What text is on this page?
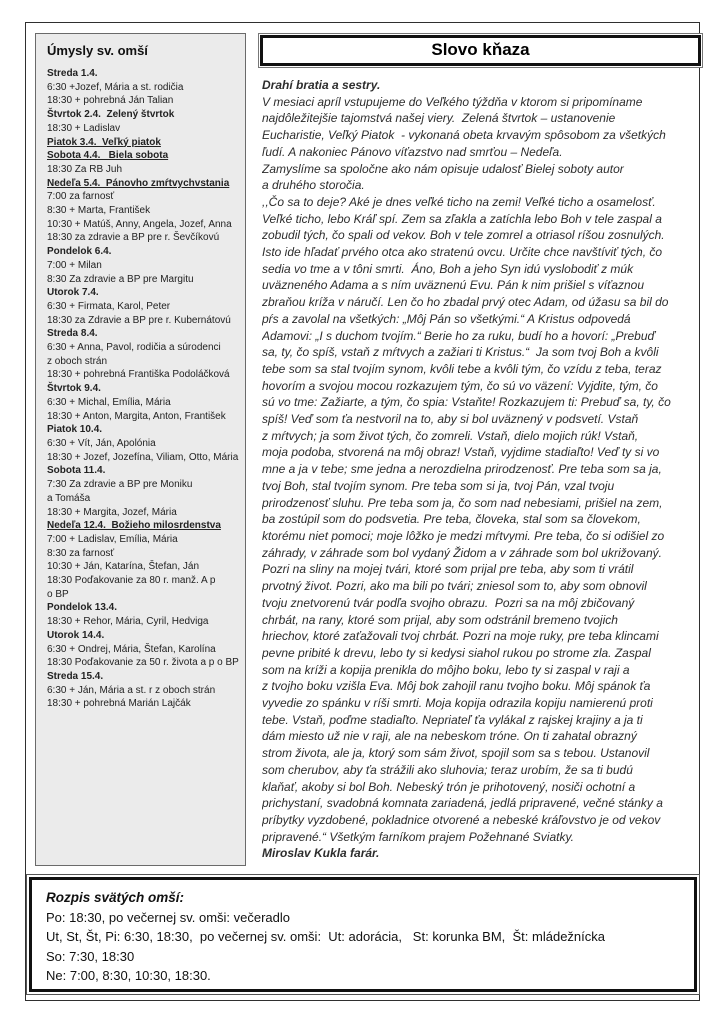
Úmysly sv. omší
Streda 1.4.
6:30 +Jozef, Mária a st. rodičia
18:30 + pohrebná Ján Talian
Štvrtok 2.4.  Zelený štvrtok
18:30 + Ladislav
Piatok 3.4.  Veľký piatok
Sobota 4.4.   Biela sobota
18:30 Za RB Juh
Nedeľa 5.4.  Pánovho zmŕtvychvstania
7:00 za farnosť
8:30 + Marta, František
10:30 + Matúš, Anny, Angela, Jozef, Anna
18:30 za zdravie a BP pre r. Ševčíkovú
Pondelok 6.4.
7:00 + Milan
8:30 Za zdravie a BP pre Margitu
Utorok 7.4.
6:30 + Firmata, Karol, Peter
18:30 za Zdravie a BP pre r. Kubernátovú
Streda 8.4.
6:30 + Anna, Pavol, rodičia a súrodenci
z oboch strán
18:30 + pohrebná Františka Podoláčková
Štvrtok 9.4.
6:30 + Michal, Emília, Mária
18:30 + Anton, Margita, Anton, František
Piatok 10.4.
6:30 + Vít, Ján, Apolónia
18:30 + Jozef, Jozefína, Viliam, Otto, Mária
Sobota 11.4.
7:30 Za zdravie a BP pre Moniku
a Tomáša
18:30 + Margita, Jozef, Mária
Nedeľa 12.4.  Božieho milosrdenstva
7:00 + Ladislav, Emília, Mária
8:30 za farnosť
10:30 + Ján, Katarína, Štefan, Ján
18:30 Poďakovanie za 80 r. manž. A p
o BP
Pondelok 13.4.
18:30 + Rehor, Mária, Cyril, Hedviga
Utorok 14.4.
6:30 + Ondrej, Mária, Štefan, Karolína
18:30 Poďakovanie za 50 r. života a p o BP
Streda 15.4.
6:30 + Ján, Mária a st. r z oboch strán
18:30 + pohrebná Marián Lajčák
Slovo kňaza
Drahí bratia a sestry.
V mesiaci apríl vstupujeme do Veľkého týždňa v ktorom si pripomíname
najdôležitejšie tajomstvá našej viery.  Zelená štvrtok – ustanovenie
Eucharistie, Veľký Piatok  - vykonaná obeta krvavým spôsobom za všetkých
ľudí. A nakoniec Pánovo víťazstvo nad smrťou – Nedeľa.
Zamyslíme sa spoločne ako nám opisuje udalosť Bielej soboty autor
a druhého storočia.
,,Čo sa to deje? Aké je dnes veľké ticho na zemi! Veľké ticho a osamelosť.
Veľké ticho, lebo Kráľ spí. Zem sa zľakla a zatíchla lebo Boh v tele zaspal a
zobudil tých, čo spali od vekov. Boh v tele zomrel a otriasol ríšou zosnulých.
Isto ide hľadať prvého otca ako stratenú ovcu. Určite chce navštíviť tých, čo
sedia vo tme a v tôni smrti.  Áno, Boh a jeho Syn idú vyslobodiť z múk
uväzneného Adama a s ním uväznenú Evu. Pán k nim prišiel s víťaznou
zbraňou kríža v náručí. Len čo ho zbadal prvý otec Adam, od úžasu sa bil do
pŕs a zavolal na všetkých: „Môj Pán so všetkými.“ A Kristus odpovedá
Adamovi: „I s duchom tvojím.“ Berie ho za ruku, budí ho a hovorí: „Prebuď
sa, ty, čo spíš, vstaň z mŕtvych a zažiari ti Kristus.“  Ja som tvoj Boh a kvôli
tebe som sa stal tvojím synom, kvôli tebe a kvôli tým, čo vzídu z teba, teraz
hovorím a svojou mocou rozkazujem tým, čo sú vo väzení: Vyjdite, tým, čo
sú vo tme: Zažiarte, a tým, čo spia: Vstaňte! Rozkazujem ti: Prebuď sa, ty, čo
spíš! Veď som ťa nestvoril na to, aby si bol uväznený v podsvetí. Vstaň
z mŕtvych; ja som život tých, čo zomreli. Vstaň, dielo mojich rúk! Vstaň,
moja podoba, stvorená na môj obraz! Vstaň, vyjdime stadiaľto! Veď ty si vo
mne a ja v tebe; sme jedna a nerozdielna prirodzenosť. Pre teba som sa ja,
tvoj Boh, stal tvojím synom. Pre teba som si ja, tvoj Pán, vzal tvoju
prirodzenosť sluhu. Pre teba som ja, čo som nad nebesiami, prišiel na zem,
ba zostúpil som do podsvetia. Pre teba, človeka, stal som sa človekom,
ktorému niet pomoci; moje lôžko je medzi mŕtvymi. Pre teba, čo si odišiel zo
záhrady, v záhrade som bol vydaný Židom a v záhrade som bol ukrižovaný.
Pozri na sliny na mojej tvári, ktoré som prijal pre teba, aby som ti vrátil
prvotný život. Pozri, ako ma bili po tvári; zniesol som to, aby som obnovil
tvoju znetvorenú tvár podľa svojho obrazu.  Pozri sa na môj zbičovaný
chrbát, na rany, ktoré som prijal, aby som odstránil bremeno tvojich
hriechov, ktoré zaťažovali tvoj chrbát. Pozri na moje ruky, pre teba klincami
pevne pribité k drevu, lebo ty si kedysi siahol rukou po strome zla. Zaspal
som na kríži a kopija prenikla do môjho boku, lebo ty si zaspal v raji a
z tvojho boku vzišla Eva. Môj bok zahojil ranu tvojho boku. Môj spánok ťa
vyvedie zo spánku v ríši smrti. Moja kopija odrazila kopiju namierenú proti
tebe. Vstaň, poďme stadiaľto. Nepriateľ ťa vylákal z rajskej krajiny a ja ti
dám miesto už nie v raji, ale na nebeskom tróne. On ti zahatal obrazný
strom života, ale ja, ktorý som sám život, spojil som sa s tebou. Ustanovil
som cherubov, aby ťa strážili ako sluhovia; teraz urobím, že sa ti budú
klaňať, akoby si bol Boh. Nebeský trón je prihotovený, nosiči ochotní a
prichystaní, svadobná komnata zariadená, jedlá pripravené, večné stánky a
príbytky vyzdobené, pokladnice otvorené a nebeské kráľovstvo je od vekov
pripravené.“ Všetkým farníkom prajem Požehnané Sviatky.
Miroslav Kukla farár.
Rozpis svätých omší:
Po: 18:30, po večernej sv. omši: večeradlo
Ut, St, Št, Pi: 6:30, 18:30,  po večernej sv. omši:  Ut: adorácia,   St: korunka BM,  Št: mládežnícka
So: 7:30, 18:30
Ne: 7:00, 8:30, 10:30, 18:30.
